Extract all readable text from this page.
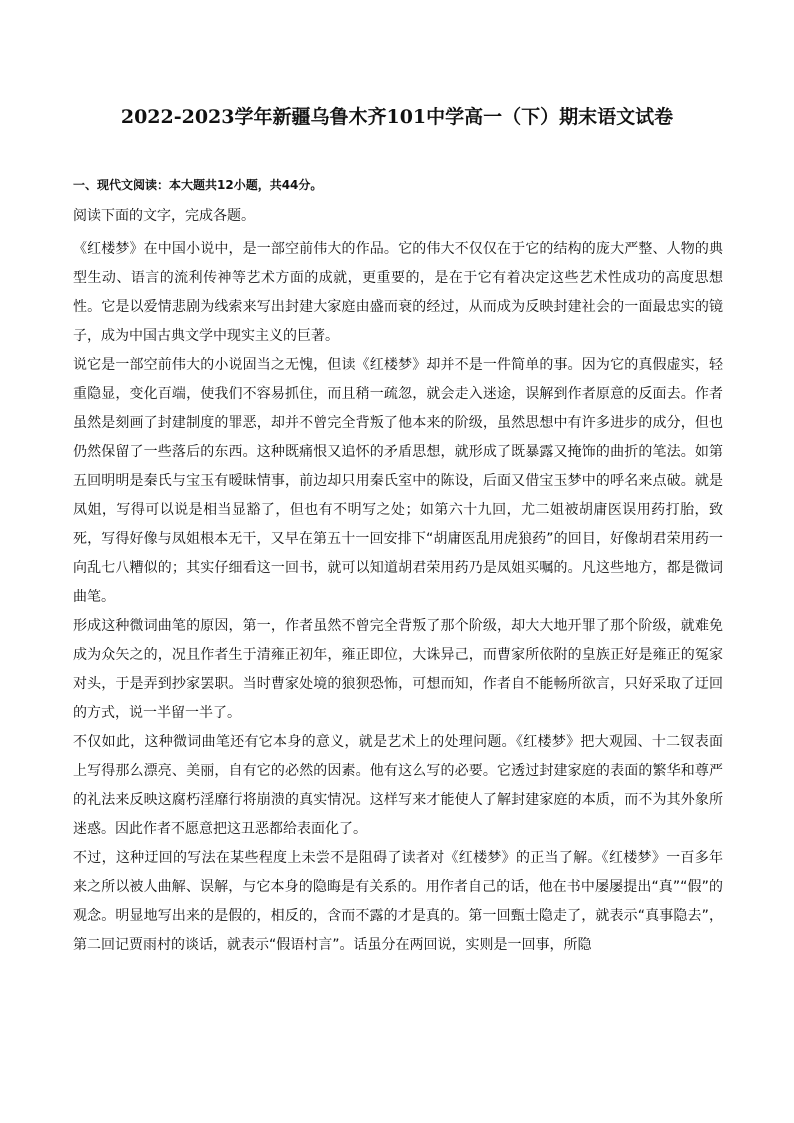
2022-2023学年新疆乌鲁木齐101中学高一（下）期末语文试卷
一、现代文阅读：本大题共12小题，共44分。
阅读下面的文字，完成各题。

《红楼梦》在中国小说中，是一部空前伟大的作品。它的伟大不仅仅在于它的结构的庞大严整、人物的典型生动、语言的流利传神等艺术方面的成就，更重要的，是在于它有着决定这些艺术性成功的高度思想性。它是以爱情悲剧为线索来写出封建大家庭由盛而衰的经过，从而成为反映封建社会的一面最忠实的镜子，成为中国古典文学中现实主义的巨著。

说它是一部空前伟大的小说固当之无愧，但读《红楼梦》却并不是一件简单的事。因为它的真假虚实，轻重隐显，变化百端，使我们不容易抓住，而且稍一疏忽，就会走入迷途，误解到作者原意的反面去。作者虽然是刻画了封建制度的罪恶，却并不曾完全背叛了他本来的阶级，虽然思想中有许多进步的成分，但也仍然保留了一些落后的东西。这种既痛恨又追怀的矛盾思想，就形成了既暴露又掩饰的曲折的笔法。如第五回明明是秦氏与宝玉有暧昧情事，前边却只用秦氏室中的陈设，后面又借宝玉梦中的呼名来点破。就是凤姐，写得可以说是相当显豁了，但也有不明写之处；如第六十九回，尤二姐被胡庸医误用药打胎，致死，写得好像与凤姐根本无干，又早在第五十一回安排下“胡庸医乱用虎狼药”的回目，好像胡君荣用药一向乱七八糟似的；其实仔细看这一回书，就可以知道胡君荣用药乃是凤姐买嘱的。凡这些地方，都是微词曲笔。

形成这种微词曲笔的原因，第一，作者虽然不曾完全背叛了那个阶级，却大大地开罪了那个阶级，就难免成为众矢之的，况且作者生于清雍正初年，雍正即位，大诛异己，而曹家所依附的皇族正好是雍正的冤家对头，于是弄到抄家罢职。当时曹家处境的狼狈恐怖，可想而知，作者自不能畅所欲言，只好采取了迂回的方式，说一半留一半了。

不仅如此，这种微词曲笔还有它本身的意义，就是艺术上的处理问题。《红楼梦》把大观园、十二钗表面上写得那么漂亮、美丽，自有它的必然的因素。他有这么写的必要。它透过封建家庭的表面的繁华和尊严的礼法来反映这腐朽淫靡行将崩溃的真实情况。这样写来才能使人了解封建家庭的本质，而不为其外象所迷惑。因此作者不愿意把这丑恶都给表面化了。

不过，这种迂回的写法在某些程度上未尝不是阻碍了读者对《红楼梦》的正当了解。《红楼梦》一百多年来之所以被人曲解、误解，与它本身的隐晦是有关系的。用作者自己的话，他在书中屡屡提出“真”“假”的观念。明显地写出来的是假的，相反的，含而不露的才是真的。第一回甄士隐走了，就表示“真事隐去”，第二回记贾雨村的谈话，就表示“假语村言”。话虽分在两回说，实则是一回事，所隐
